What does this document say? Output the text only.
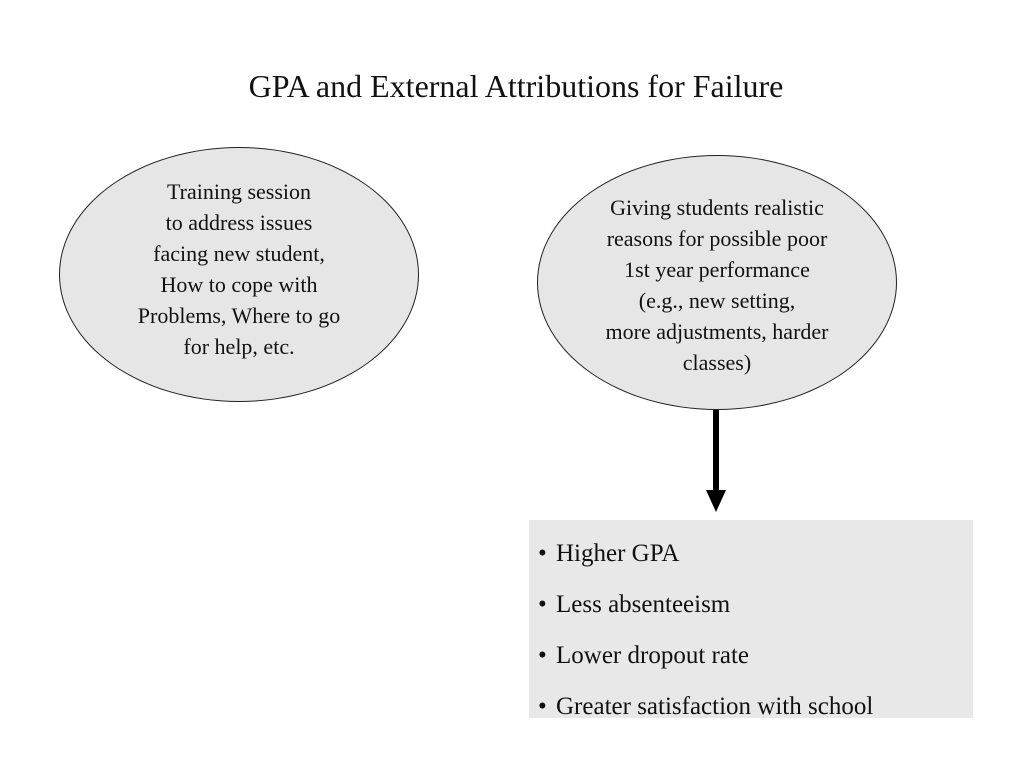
GPA and External Attributions for Failure
Training session
to address issues
facing new student,
How to cope with
Problems, Where to go
for help, etc.
Giving students realistic
reasons for possible poor
1st year performance
(e.g., new setting,
more adjustments, harder
classes)
• Higher GPA
• Less absenteeism
• Lower dropout rate
• Greater satisfaction with school
